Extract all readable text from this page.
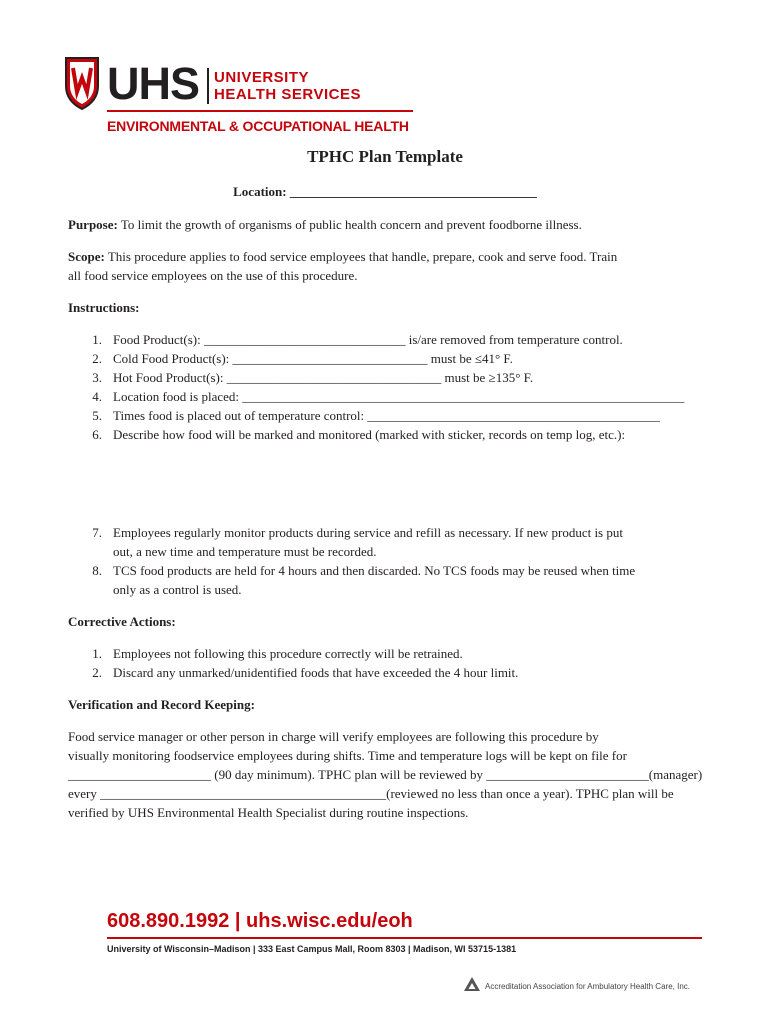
UHS UNIVERSITY
HEALTH SERVICES
ENVIRONMENTAL & OCCUPATIONAL HEALTH
TPHC Plan Template
Location: ______________________________________
Purpose: To limit the growth of organisms of public health concern and prevent foodborne illness.
Scope: This procedure applies to food service employees that handle, prepare, cook and serve food. Train
all food service employees on the use of this procedure.
Instructions:
1. Food Product(s): _______________________________ is/are removed from temperature control.
2. Cold Food Product(s): ______________________________ must be ≤41° F.
3. Hot Food Product(s): _________________________________ must be ≥135° F.
4. Location food is placed: ____________________________________________________________________
5. Times food is placed out of temperature control: _____________________________________________
6. Describe how food will be marked and monitored (marked with sticker, records on temp log, etc.):
7. Employees regularly monitor products during service and refill as necessary. If new product is put
out, a new time and temperature must be recorded.
8. TCS food products are held for 4 hours and then discarded. No TCS foods may be reused when time
only as a control is used.
Corrective Actions:
1. Employees not following this procedure correctly will be retrained.
2. Discard any unmarked/unidentified foods that have exceeded the 4 hour limit.
Verification and Record Keeping:
Food service manager or other person in charge will verify employees are following this procedure by
visually monitoring foodservice employees during shifts. Time and temperature logs will be kept on file for
______________________ (90 day minimum). TPHC plan will be reviewed by _________________________(manager)
every ____________________________________________(reviewed no less than once a year). TPHC plan will be
verified by UHS Environmental Health Specialist during routine inspections.
608.890.1992 | uhs.wisc.edu/eoh
University of Wisconsin–Madison | 333 East Campus Mall, Room 8303 | Madison, WI 53715-1381
Accreditation Association for Ambulatory Health Care, Inc.
